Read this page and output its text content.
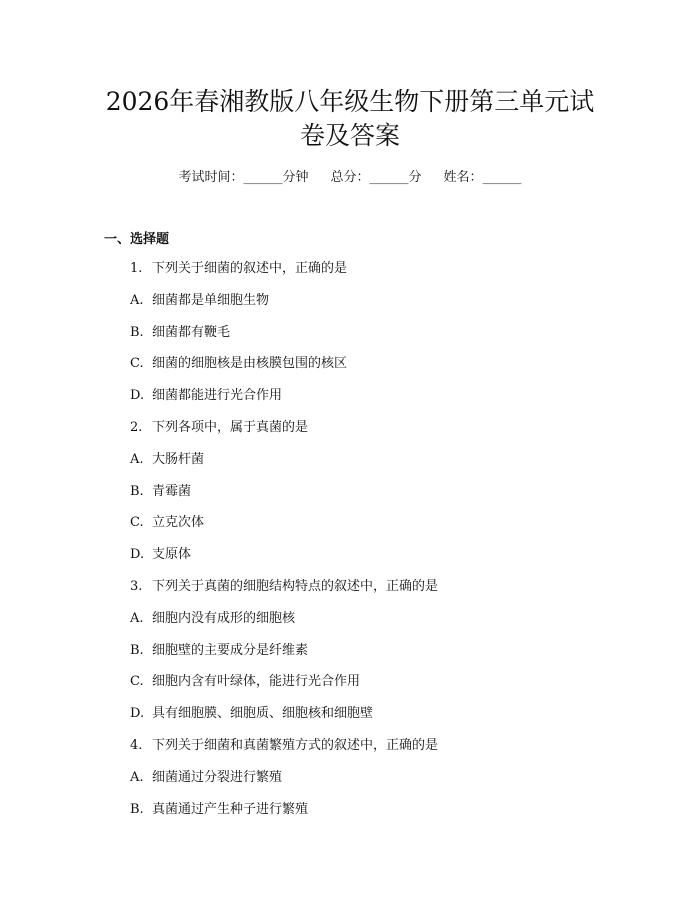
2026年春湘教版八年级生物下册第三单元试
卷及答案
考试时间：______分钟 总分：______分 姓名：______
一、选择题
1. 下列关于细菌的叙述中，正确的是
A. 细菌都是单细胞生物
B. 细菌都有鞭毛
C. 细菌的细胞核是由核膜包围的核区
D. 细菌都能进行光合作用
2. 下列各项中，属于真菌的是
A. 大肠杆菌
B. 青霉菌
C. 立克次体
D. 支原体
3. 下列关于真菌的细胞结构特点的叙述中，正确的是
A. 细胞内没有成形的细胞核
B. 细胞壁的主要成分是纤维素
C. 细胞内含有叶绿体，能进行光合作用
D. 具有细胞膜、细胞质、细胞核和细胞壁
4. 下列关于细菌和真菌繁殖方式的叙述中，正确的是
A. 细菌通过分裂进行繁殖
B. 真菌通过产生种子进行繁殖
